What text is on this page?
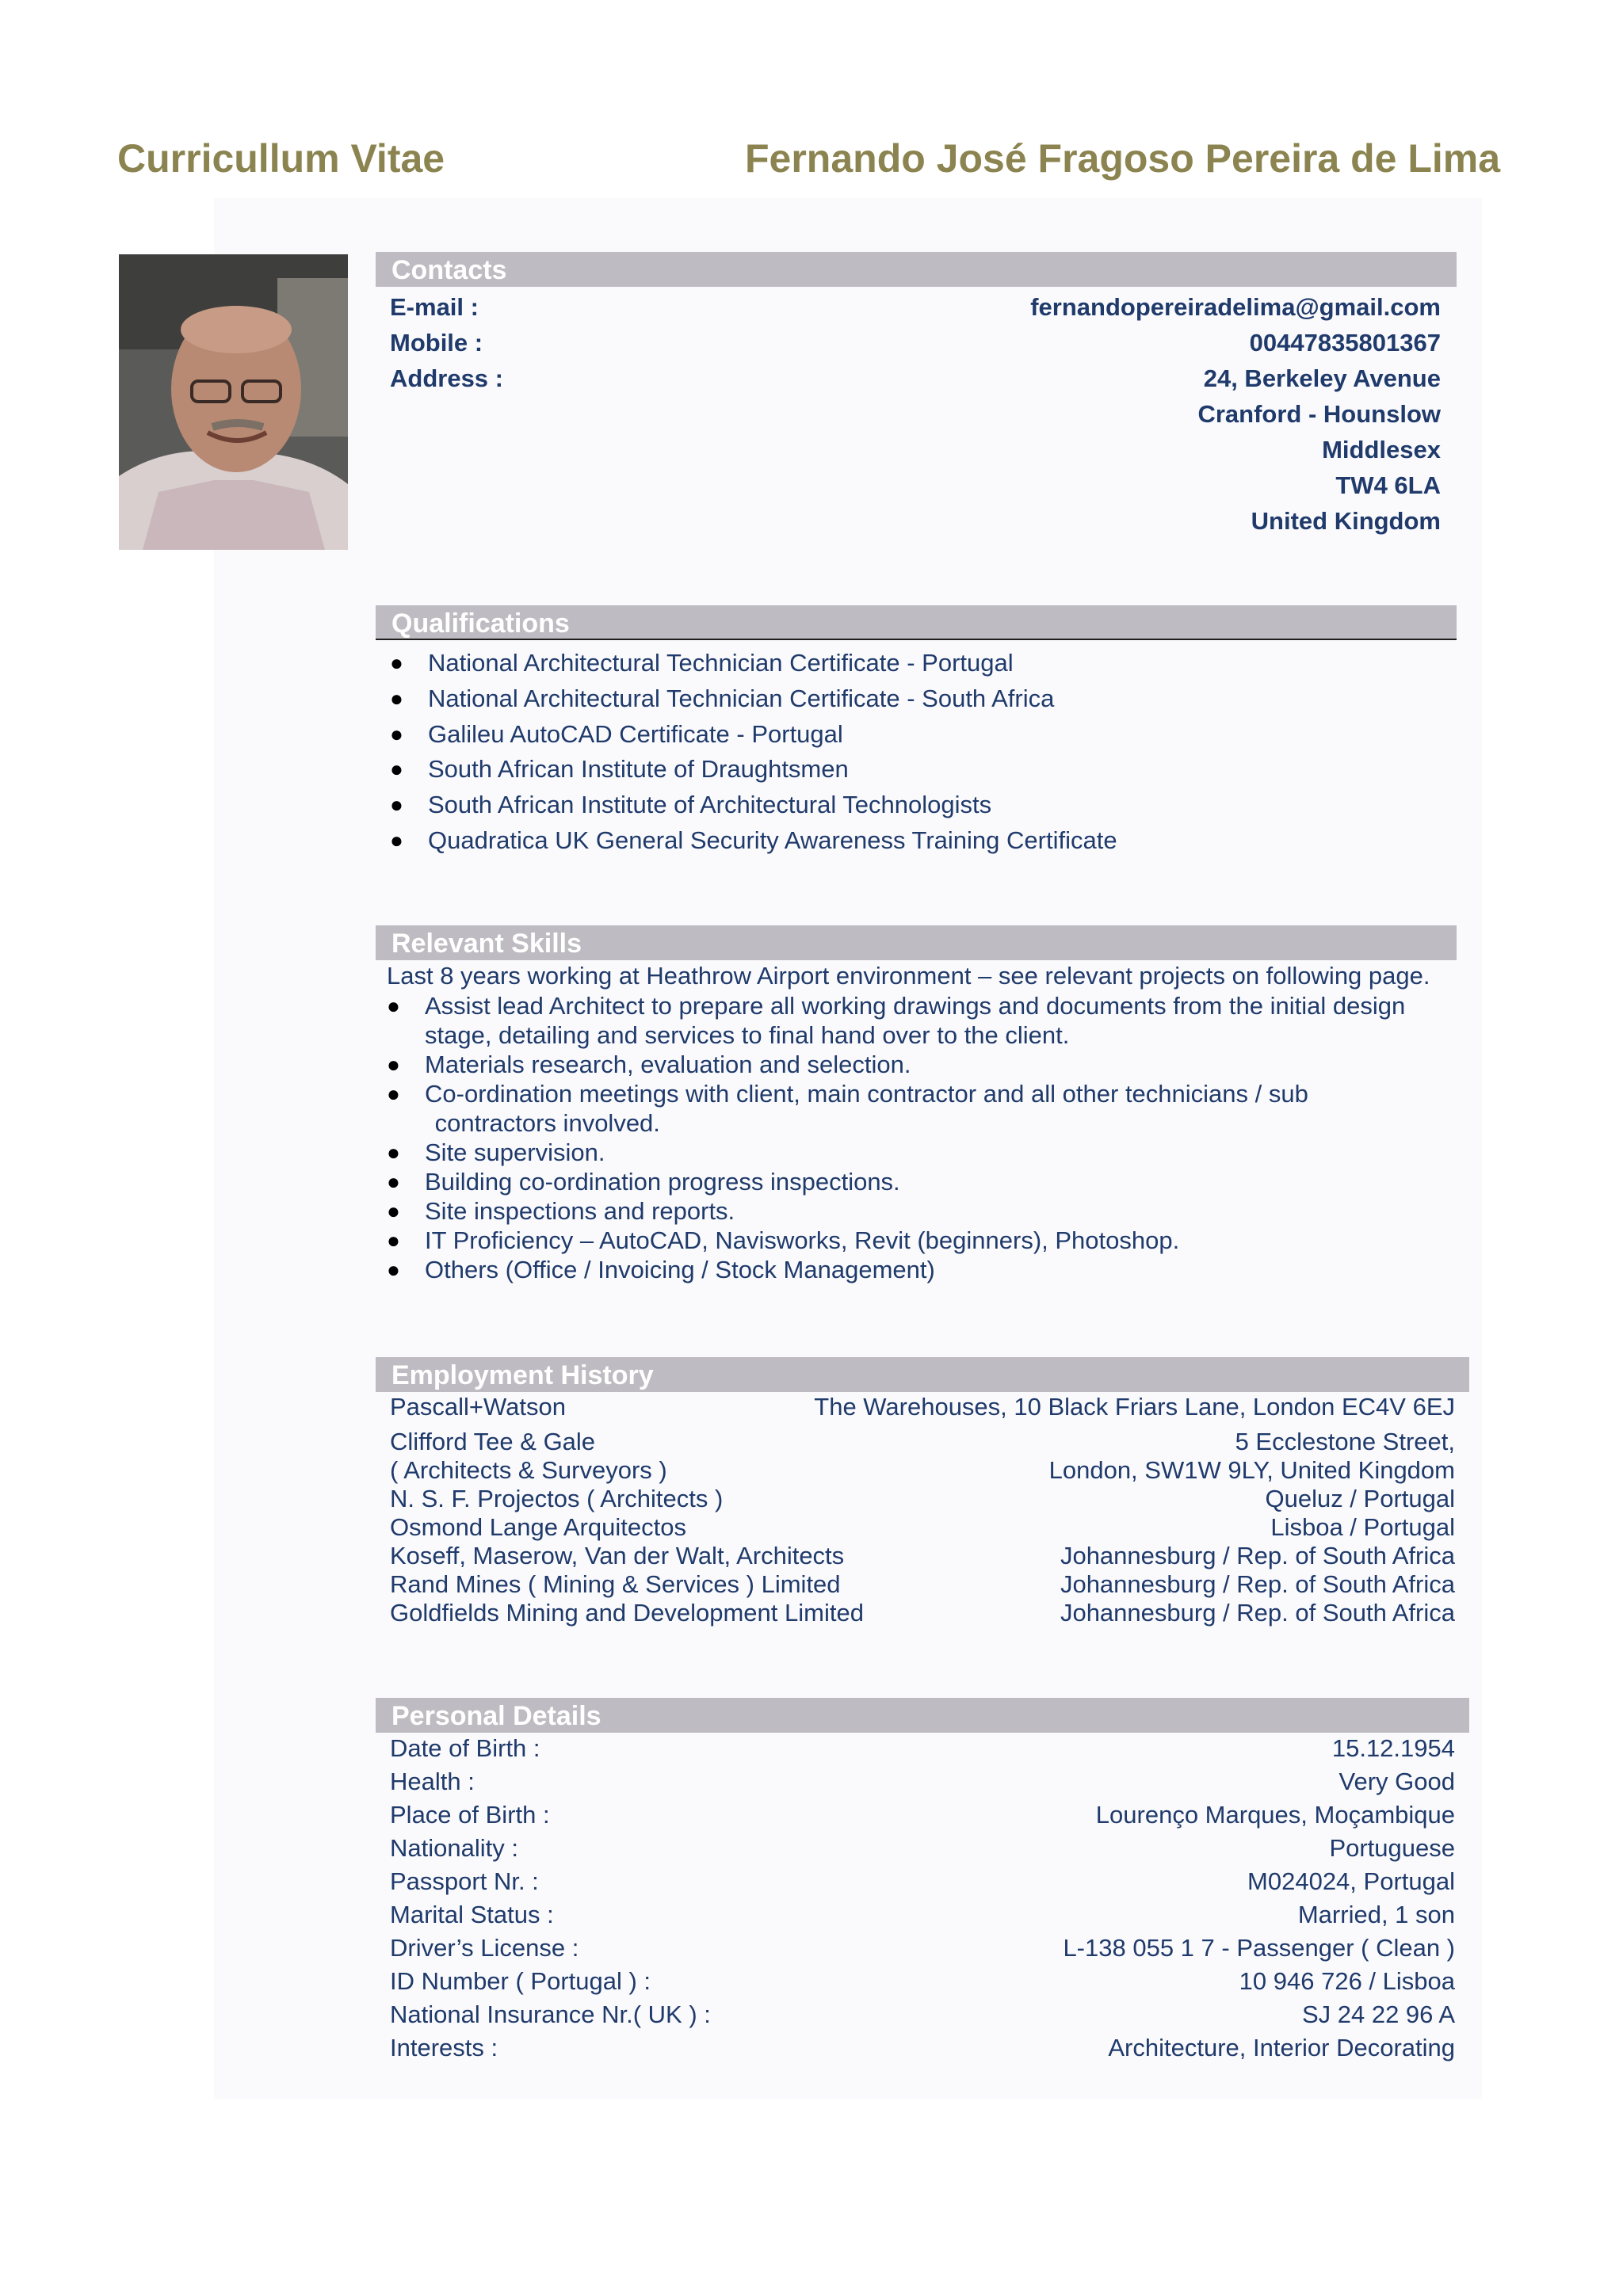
Curricullum Vitae	Fernando José Fragoso Pereira de Lima
Contacts
E-mail :	fernandopereiradelima@gmail.com
Mobile :	00447835801367
Address :	24, Berkeley Avenue
Cranford - Hounslow
Middlesex
TW4 6LA
United Kingdom
Qualifications
● National Architectural Technician Certificate - Portugal
● National Architectural Technician Certificate - South Africa
● Galileu AutoCAD Certificate - Portugal
● South African Institute of Draughtsmen
● South African Institute of Architectural Technologists
● Quadratica UK General Security Awareness Training Certificate
Relevant Skills
Last 8 years working at Heathrow Airport environment – see relevant projects on following page.
● Assist lead Architect to prepare all working drawings and documents from the initial design
stage, detailing and services to final hand over to the client.
● Materials research, evaluation and selection.
● Co-ordination meetings with client, main contractor and all other technicians / sub
contractors involved.
● Site supervision.
● Building co-ordination progress inspections.
● Site inspections and reports.
● IT Proficiency – AutoCAD, Navisworks, Revit (beginners), Photoshop.
● Others (Office / Invoicing / Stock Management)
Employment History
Pascall+Watson	The Warehouses, 10 Black Friars Lane, London EC4V 6EJ
Clifford Tee & Gale	5 Ecclestone Street,
( Architects & Surveyors )	London, SW1W 9LY, United Kingdom
N. S. F. Projectos ( Architects )	Queluz / Portugal
Osmond Lange Arquitectos	Lisboa / Portugal
Koseff, Maserow, Van der Walt, Architects	Johannesburg / Rep. of South Africa
Rand Mines ( Mining & Services ) Limited	Johannesburg / Rep. of South Africa
Goldfields Mining and Development Limited	Johannesburg / Rep. of South Africa
Personal Details
Date of Birth :	15.12.1954
Health :	Very Good
Place of Birth :	Lourenço Marques, Moçambique
Nationality :	Portuguese
Passport Nr. :	M024024, Portugal
Marital Status :	Married, 1 son
Driver’s License :	L-138 055 1 7 - Passenger ( Clean )
ID Number ( Portugal ) :	10 946 726 / Lisboa
National Insurance Nr.( UK ) :	SJ 24 22 96 A
Interests :	Architecture, Interior Decorating
